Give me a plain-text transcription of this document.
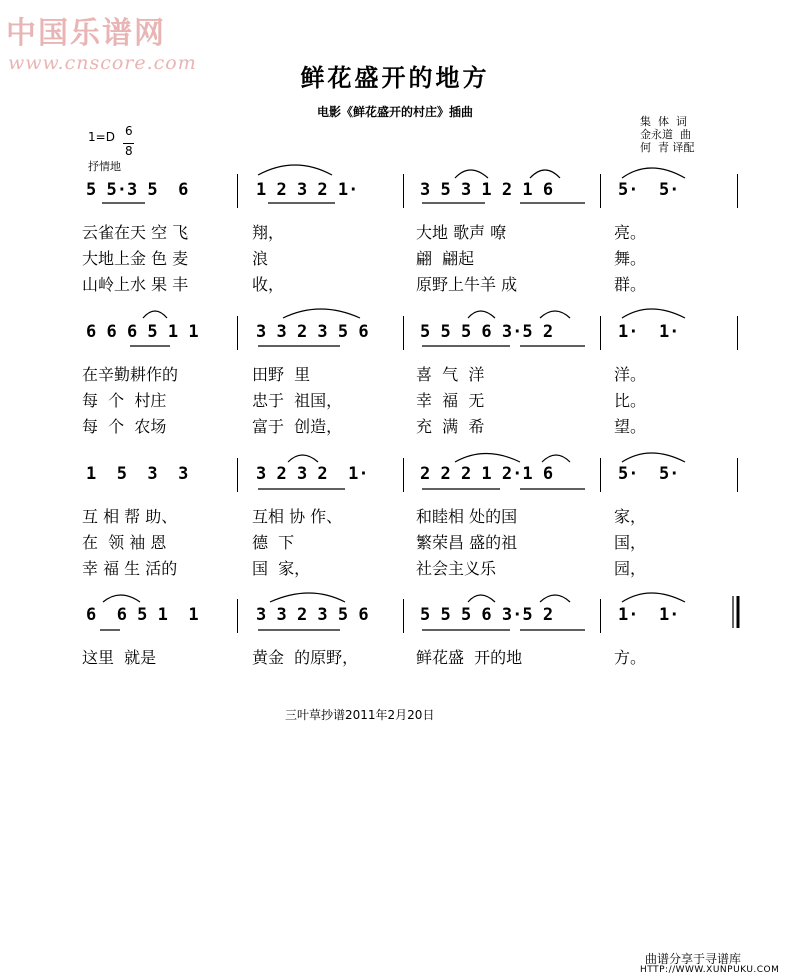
中国乐谱网
www.cnscore.com	鲜花盛开的地方
电影《鲜花盛开的村庄》插曲
集  体  词
金永道  曲
何  青 译配
1=D 6
8
抒情地
5 5·3 5  6	1 2 3 2 1·	3 5 3 1 2 1 6	5·  5·
云雀在天 空 飞	翔，	大地 歌声 嘹	亮。
大地上金 色 麦	浪	翩  翩起	舞。
山岭上水 果 丰	收，	原野上牛羊 成	群。
6 6 6 5 1 1	3 3 2 3 5 6	5 5 5 6 3·5 2	1·  1·
在辛勤耕作的	田野  里	喜  气  洋	洋。
每  个  村庄	忠于  祖国，	幸  福  无	比。
每  个  农场	富于  创造，	充  满  希	望。
1  5  3  3	3 2 3 2  1·	2 2 2 1 2·1 6	5·  5·
互 相 帮 助、	互相 协 作、	和睦相 处的国	家，
在  领 袖 恩	德  下	繁荣昌 盛的祖	国，
幸 福 生 活的	国  家，	社会主义乐	园，
6  6 5 1  1	3 3 2 3 5 6	5 5 5 6 3·5 2	1·  1·
这里  就是	黄金  的原野，	鲜花盛  开的地	方。
三叶草抄谱2011年2月20日
曲谱分享于寻谱库
HTTP://WWW.XUNPUKU.COM
